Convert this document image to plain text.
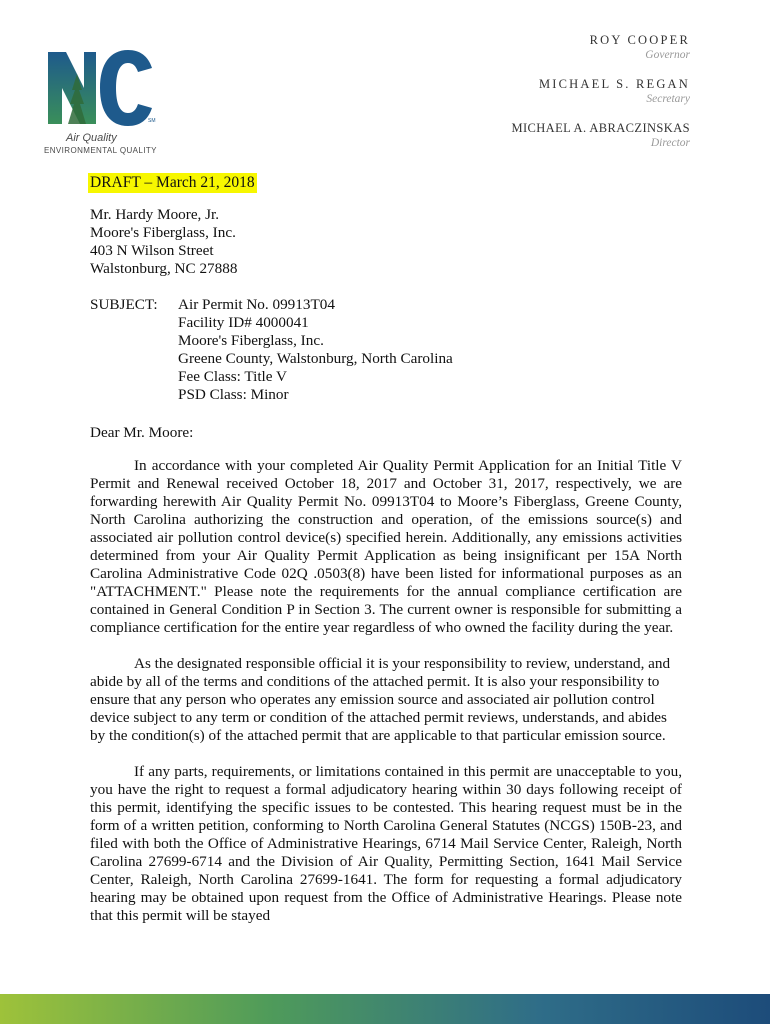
SM
Air Quality
ENVIRONMENTAL QUALITY
ROY COOPER
Governor
MICHAEL S. REGAN
Secretary
MICHAEL A. ABRACZINSKAS
Director
DRAFT – March 21, 2018
Mr. Hardy Moore, Jr.
Moore's Fiberglass, Inc.
403 N Wilson Street
Walstonburg, NC 27888
SUBJECT:	Air Permit No. 09913T04
Facility ID# 4000041
Moore's Fiberglass, Inc.
Greene County, Walstonburg, North Carolina
Fee Class: Title V
PSD Class: Minor
Dear Mr. Moore:

In accordance with your completed Air Quality Permit Application for an Initial Title V Permit and Renewal received October 18, 2017 and October 31, 2017, respectively, we are forwarding herewith Air Quality Permit No. 09913T04 to Moore’s Fiberglass, Greene County, North Carolina authorizing the construction and operation, of the emissions source(s) and associated air pollution control device(s) specified herein. Additionally, any emissions activities determined from your Air Quality Permit Application as being insignificant per 15A North Carolina Administrative Code 02Q .0503(8) have been listed for informational purposes as an "ATTACHMENT." Please note the requirements for the annual compliance certification are contained in General Condition P in Section 3. The current owner is responsible for submitting a compliance certification for the entire year regardless of who owned the facility during the year.

As the designated responsible official it is your responsibility to review, understand, and abide by all of the terms and conditions of the attached permit. It is also your responsibility to ensure that any person who operates any emission source and associated air pollution control device subject to any term or condition of the attached permit reviews, understands, and abides by the condition(s) of the attached permit that are applicable to that particular emission source.

If any parts, requirements, or limitations contained in this permit are unacceptable to you, you have the right to request a formal adjudicatory hearing within 30 days following receipt of this permit, identifying the specific issues to be contested. This hearing request must be in the form of a written petition, conforming to North Carolina General Statutes (NCGS) 150B-23, and filed with both the Office of Administrative Hearings, 6714 Mail Service Center, Raleigh, North Carolina 27699-6714 and the Division of Air Quality, Permitting Section, 1641 Mail Service Center, Raleigh, North Carolina 27699-1641. The form for requesting a formal adjudicatory hearing may be obtained upon request from the Office of Administrative Hearings. Please note that this permit will be stayed
